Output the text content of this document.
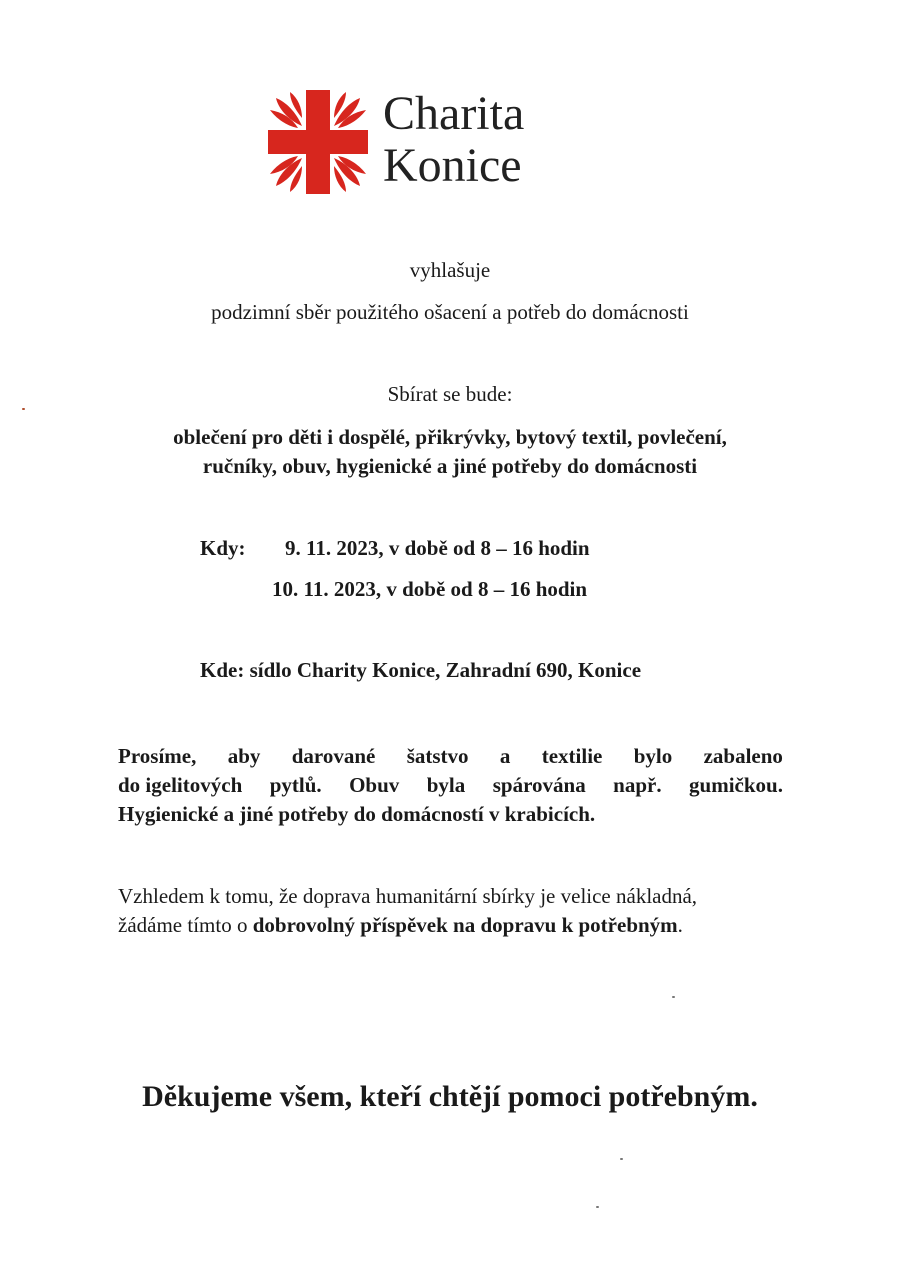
Charita
Konice
vyhlašuje
podzimní sběr použitého ošacení a potřeb do domácnosti
Sbírat se bude:
oblečení pro děti i dospělé, přikrývky, bytový textil, povlečení,
ručníky, obuv, hygienické a jiné potřeby do domácnosti
Kdy: 9. 11. 2023, v době od 8 – 16 hodin
10. 11. 2023, v době od 8 – 16 hodin
Kde: sídlo Charity Konice, Zahradní 690, Konice
Prosíme, aby darované šatstvo a textilie bylo zabaleno
do igelitových pytlů. Obuv byla spárována např. gumičkou.
Hygienické a jiné potřeby do domácností v krabicích.
Vzhledem k tomu, že doprava humanitární sbírky je velice nákladná,
žádáme tímto o dobrovolný příspěvek na dopravu k potřebným.
Děkujeme všem, kteří chtějí pomoci potřebným.
